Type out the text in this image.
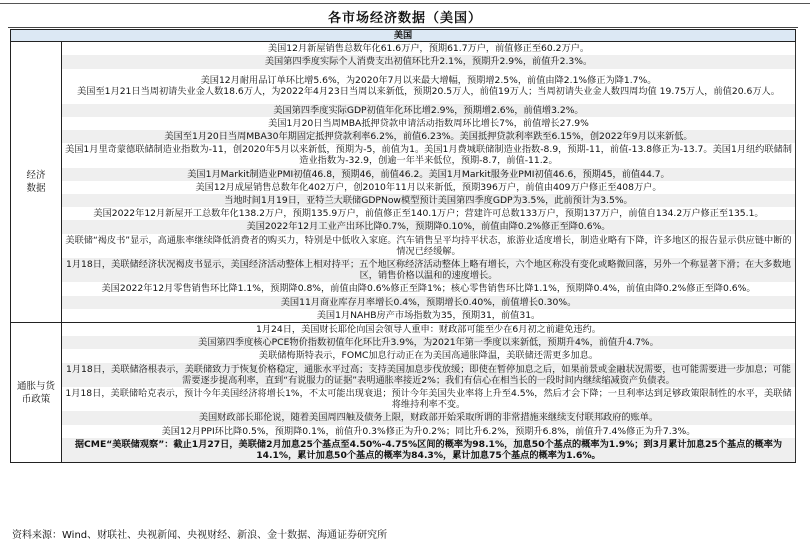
各市场经济数据（美国）
美国	
经济
数据	美国12月新屋销售总数年化61.6万户，预期61.7万户，前值修正至60.2万户。
	美国第四季度实际个人消费支出初值环比升2.1%，预期升2.9%，前值升2.3%。
	美国12月耐用品订单环比增5.6%，为2020年7月以来最大增幅，预期增2.5%，前值由降2.1%修正为降1.7%。
美国至1月21日当周初请失业金人数18.6万人，为2022年4月23日当周以来新低，预期20.5万人，前值19万人；当周初请失业金人数四周均值 19.75万人，前值20.6万人。
	美国第四季度实际GDP初值年化环比增2.9%，预期增2.6%，前值增3.2%。
	美国1月20日当周MBA抵押贷款申请活动指数周环比增长7%，前值增长27.9%
	美国至1月20日当周MBA30年期固定抵押贷款利率6.2%，前值6.23%。美国抵押贷款利率跌至6.15%，创2022年9月以来新低。
	美国1月里奇蒙德联储制造业指数为-11，创2020年5月以来新低，预期为-5，前值为1。美国1月费城联储制造业指数-8.9，预期-11，前值-13.8修正为-13.7。美国1月纽约联储制造业指数为-32.9，创逾一年半来低位，预期-8.7，前值-11.2。
	美国1月Markit制造业PMI初值46.8，预期46，前值46.2。美国1月Markit服务业PMI初值46.6，预期45，前值44.7。
	美国12月成屋销售总数年化402万户，创2010年11月以来新低，预期396万户，前值由409万户修正至408万户。
	当地时间1月19日，亚特兰大联储GDPNow模型预计美国第四季度GDP为3.5%，此前预计为3.5%。
	美国2022年12月新屋开工总数年化138.2万户，预期135.9万户，前值修正至140.1万户；营建许可总数133万户，预期137万户，前值自134.2万户修正至135.1。
	美国2022年12月工业产出环比降0.7%，预期降0.10%，前值由降0.2%修正至降0.6%。
	美联储“褐皮书”显示，高通胀率继续降低消费者的购买力，特别是中低收入家庭。汽车销售呈平均持平状态，旅游业适度增长，制造业略有下降，许多地区的报告显示供应链中断的情况已经缓解。
	1月18日，美联储经济状况褐皮书显示，美国经济活动整体上相对持平；五个地区称经济活动整体上略有增长，六个地区称没有变化或略微回落，另外一个称显著下滑；在大多数地区，销售价格以温和的速度增长。
	美国2022年12月零售销售环比降1.1%，预期降0.8%，前值由降0.6%修正至降1%；核心零售销售环比降1.1%，预期降0.4%，前值由降0.2%修正至降0.6%。
	美国11月商业库存月率增长0.4%，预期增长0.40%，前值增长0.30%。
	美国1月NAHB房产市场指数为35，预期31，前值31。
通胀与货
币政策	1月24日，美国财长耶伦向国会领导人重申：财政部可能至少在6月初之前避免违约。
	美国第四季度核心PCE物价指数初值年化环比升3.9%，为2021年第一季度以来新低，预期升4%，前值升4.7%。
	美联储梅斯特表示，FOMC加息行动正在为美国高通胀降温，美联储还需更多加息。
	1月18日，美联储洛根表示，美联储致力于恢复价格稳定，通胀水平过高；支持美国加息步伐放缓；即使在暂停加息之后，如果前景或金融状况需要，也可能需要进一步加息；可能需要逐步提高利率，直到“有说服力的证据”表明通胀率接近2%；我们有信心在相当长的一段时间内继续缩减资产负债表。
	1月18日，美联储哈克表示，预计今年美国经济将增长1%，不太可能出现衰退；预计今年美国失业率将上升至4.5%，然后才会下降；一旦利率达到足够政策限制性的水平，美联储将维持利率不变。
	美国财政部长耶伦说，随着美国周四触及债务上限，财政部开始采取所谓的非常措施来继续支付联邦政府的账单。
	美国12月PPI环比降0.5%，预期降0.1%，前值升0.3%修正为升0.2%；同比升6.2%，预期升6.8%，前值升7.4%修正为升7.3%。
	据CME“美联储观察”：截止1月27日，美联储2月加息25个基点至4.50%-4.75%区间的概率为98.1%，加息50个基点的概率为1.9%；到3月累计加息25个基点的概率为14.1%，累计加息50个基点的概率为84.3%，累计加息75个基点的概率为1.6%。
资料来源：Wind、财联社、央视新闻、央视财经、新浪、金十数据、海通证券研究所
